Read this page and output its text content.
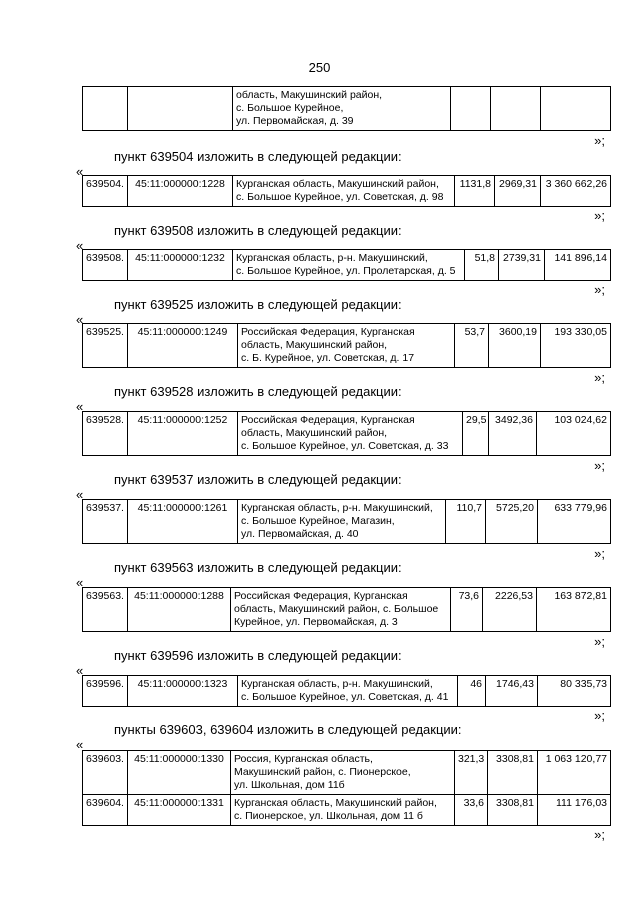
250

область, Макушинский район,
с. Большое Курейное,
ул. Первомайская, д. 39

»;
пункт 639504 изложить в следующей редакции:
«
639504.	45:11:000000:1228	Курганская область, Макушинский район,
с. Большое Курейное, ул. Советская, д. 98
	1131,8	2969,31	3 360 662,26
»;
пункт 639508 изложить в следующей редакции:
«
639508.	45:11:000000:1232	Курганская область, р-н. Макушинский,
с. Большое Курейное, ул. Пролетарская, д. 5
	51,8	2739,31	141 896,14
»;
пункт 639525 изложить в следующей редакции:
«
639525.	45:11:000000:1249	Российская Федерация, Курганская
область, Макушинский район,
с. Б. Курейное, ул. Советская, д. 17
	53,7	3600,19	193 330,05
»;
пункт 639528 изложить в следующей редакции:
«
639528.	45:11:000000:1252	Российская Федерация, Курганская
область, Макушинский район,
с. Большое Курейное, ул. Советская, д. 33
	29,5	3492,36	103 024,62
»;
пункт 639537 изложить в следующей редакции:
«
639537.	45:11:000000:1261	Курганская область, р-н. Макушинский,
с. Большое Курейное, Магазин,
ул. Первомайская, д. 40
	110,7	5725,20	633 779,96
»;
пункт 639563 изложить в следующей редакции:
«
639563.	45:11:000000:1288	Российская Федерация, Курганская
область, Макушинский район, с. Большое
Курейное, ул. Первомайская, д. 3
	73,6	2226,53	163 872,81
»;
пункт 639596 изложить в следующей редакции:
«
639596.	45:11:000000:1323	Курганская область, р-н. Макушинский,
с. Большое Курейное, ул. Советская, д. 41
	46	1746,43	80 335,73
»;
пункты 639603, 639604 изложить в следующей редакции:
«
639603.	45:11:000000:1330	Россия, Курганская область,
Макушинский район, с. Пионерское,
ул. Школьная, дом 11б	321,3	3308,81	1 063 120,77
639604.	45:11:000000:1331	Курганская область, Макушинский район,
с. Пионерское, ул. Школьная, дом 11 б	33,6	3308,81	111 176,03
»;
